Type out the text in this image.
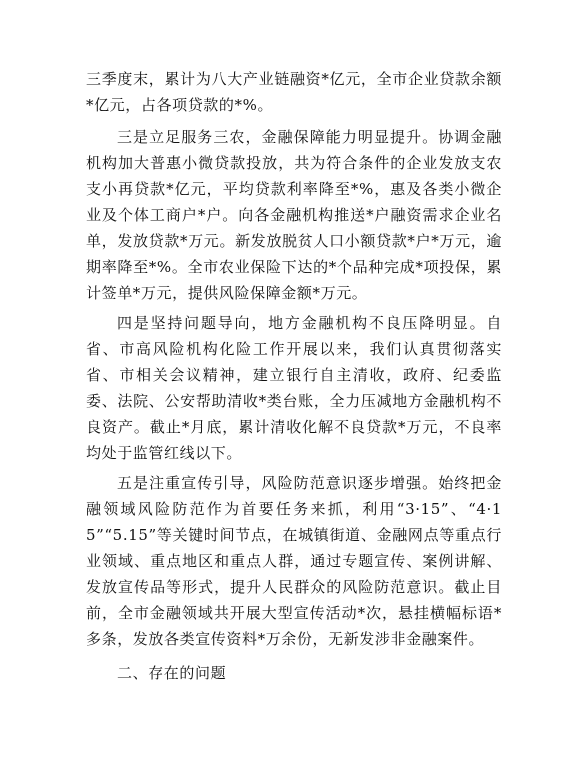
三季度末，累计为八大产业链融资*亿元，全市企业贷款余额*亿元，占各项贷款的*%。

三是立足服务三农，金融保障能力明显提升。协调金融机构加大普惠小微贷款投放，共为符合条件的企业发放支农支小再贷款*亿元，平均贷款利率降至*%，惠及各类小微企业及个体工商户*户。向各金融机构推送*户融资需求企业名单，发放贷款*万元。新发放脱贫人口小额贷款*户*万元，逾期率降至*%。全市农业保险下达的*个品种完成*项投保，累计签单*万元，提供风险保障金额*万元。

四是坚持问题导向，地方金融机构不良压降明显。自省、市高风险机构化险工作开展以来，我们认真贯彻落实省、市相关会议精神，建立银行自主清收，政府、纪委监委、法院、公安帮助清收*类台账，全力压减地方金融机构不良资产。截止*月底，累计清收化解不良贷款*万元，不良率均处于监管红线以下。

五是注重宣传引导，风险防范意识逐步增强。始终把金融领域风险防范作为首要任务来抓，利用“3·15”、“4·15”“5.15”等关键时间节点，在城镇街道、金融网点等重点行业领域、重点地区和重点人群，通过专题宣传、案例讲解、发放宣传品等形式，提升人民群众的风险防范意识。截止目前，全市金融领域共开展大型宣传活动*次，悬挂横幅标语*多条，发放各类宣传资料*万余份，无新发涉非金融案件。

二、存在的问题
